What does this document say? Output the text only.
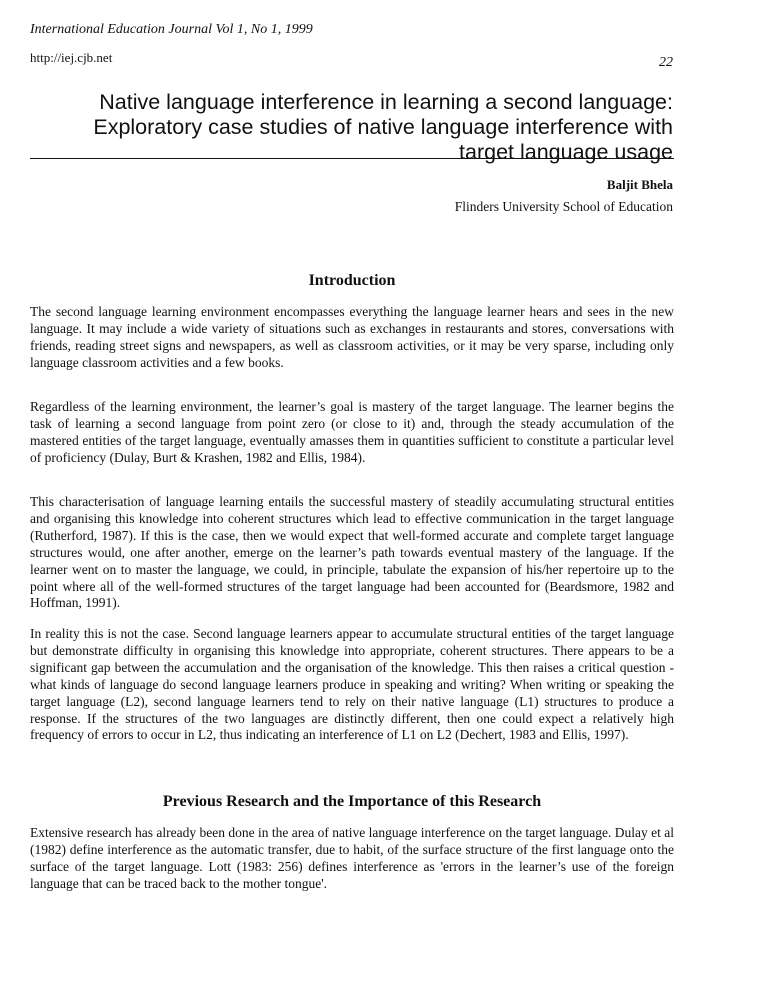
International Education Journal Vol 1, No 1, 1999
http://iej.cjb.net	22
Native language interference in learning a second language: Exploratory case studies of native language interference with target language usage
Baljit Bhela
Flinders University School of Education
Introduction

The second language learning environment encompasses everything the language learner hears and sees in the new language. It may include a wide variety of situations such as exchanges in restaurants and stores, conversations with friends, reading street signs and newspapers, as well as classroom activities, or it may be very sparse, including only language classroom activities and a few books.

Regardless of the learning environment, the learner’s goal is mastery of the target language. The learner begins the task of learning a second language from point zero (or close to it) and, through the steady accumulation of the mastered entities of the target language, eventually amasses them in quantities sufficient to constitute a particular level of proficiency (Dulay, Burt & Krashen, 1982 and Ellis, 1984).

This characterisation of language learning entails the successful mastery of steadily accumulating structural entities and organising this knowledge into coherent structures which lead to effective communication in the target language (Rutherford, 1987). If this is the case, then we would expect that well-formed accurate and complete target language structures would, one after another, emerge on the learner’s path towards eventual mastery of the language. If the learner went on to master the language, we could, in principle, tabulate the expansion of his/her repertoire up to the point where all of the well-formed structures of the target language had been accounted for (Beardsmore, 1982 and Hoffman, 1991).

In reality this is not the case. Second language learners appear to accumulate structural entities of the target language but demonstrate difficulty in organising this knowledge into appropriate, coherent structures. There appears to be a significant gap between the accumulation and the organisation of the knowledge. This then raises a critical question - what kinds of language do second language learners produce in speaking and writing? When writing or speaking the target language (L2), second language learners tend to rely on their native language (L1) structures to produce a response. If the structures of the two languages are distinctly different, then one could expect a relatively high frequency of errors to occur in L2, thus indicating an interference of L1 on L2 (Dechert, 1983 and Ellis, 1997).

Previous Research and the Importance of this Research

Extensive research has already been done in the area of native language interference on the target language. Dulay et al (1982) define interference as the automatic transfer, due to habit, of the surface structure of the first language onto the surface of the target language. Lott (1983: 256) defines interference as 'errors in the learner’s use of the foreign language that can be traced back to the mother tongue'.
